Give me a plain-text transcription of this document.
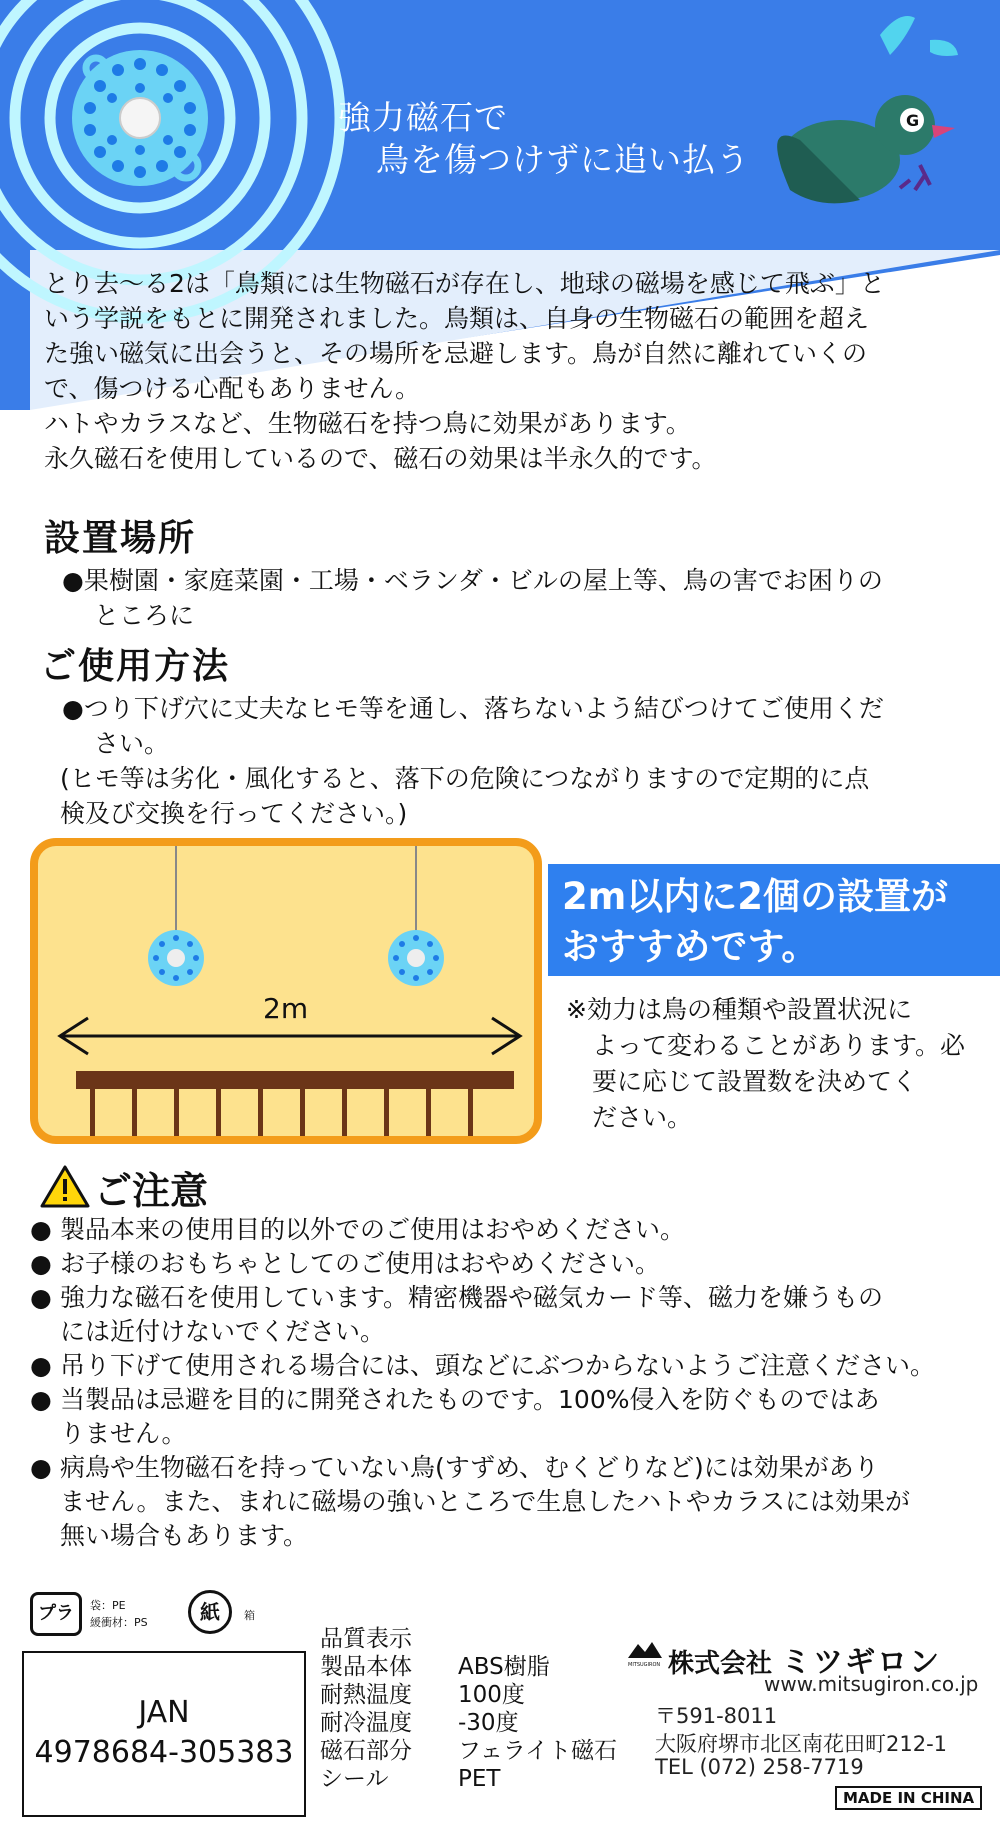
G
強力磁石で
鳥を傷つけずに追い払う
とり去〜る2は「鳥類には生物磁石が存在し、地球の磁場を感じて飛ぶ」と
いう学説をもとに開発されました。鳥類は、自身の生物磁石の範囲を超え
た強い磁気に出会うと、その場所を忌避します。鳥が自然に離れていくの
で、傷つける心配もありません。
ハトやカラスなど、生物磁石を持つ鳥に効果があります。
永久磁石を使用しているので、磁石の効果は半永久的です。
設置場所
●果樹園・家庭菜園・工場・ベランダ・ビルの屋上等、鳥の害でお困りの
ところに
ご使用方法
●つり下げ穴に丈夫なヒモ等を通し、落ちないよう結びつけてご使用くだ
さい。
(ヒモ等は劣化・風化すると、落下の危険につながりますので定期的に点
検及び交換を行ってください。)
2m
2m以内に2個の設置が
おすすめです。
※効力は鳥の種類や設置状況に
よって変わることがあります。必
要に応じて設置数を決めてく
ださい。
ご注意
● 製品本来の使用目的以外でのご使用はおやめください。
● お子様のおもちゃとしてのご使用はおやめください。
● 強力な磁石を使用しています。精密機器や磁気カード等、磁力を嫌うもの
には近付けないでください。
● 吊り下げて使用される場合には、頭などにぶつからないようご注意ください。
● 当製品は忌避を目的に開発されたものです。100%侵入を防ぐものではあ
りません。
● 病鳥や生物磁石を持っていない鳥(すずめ、むくどりなど)には効果があり
ません。また、まれに磁場の強いところで生息したハトやカラスには効果が
無い場合もあります。
プラ	袋：PE
緩衝材：PS	紙	箱
JAN
4978684-305383
品質表示
製品本体	ABS樹脂
耐熱温度	100度
耐冷温度	-30度
磁石部分	フェライト磁石
シール	PET
MITSUGIRON 株式会社 ミツギロン
www.mitsugiron.co.jp
〒591-8011
大阪府堺市北区南花田町212-1
TEL (072) 258-7719
MADE IN CHINA
